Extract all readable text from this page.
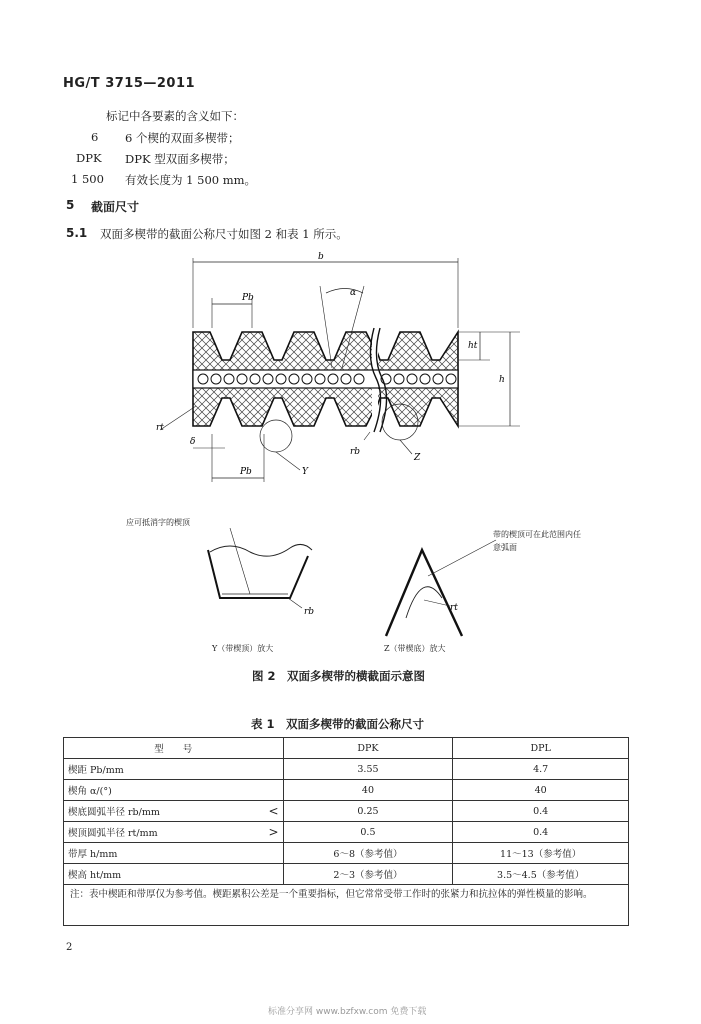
HG/T 3715—2011
标记中各要素的含义如下：
6 6 个楔的双面多楔带；
DPK DPK 型双面多楔带；
1 500 有效长度为 1 500 mm。
5 截面尺寸
5.1 双面多楔带的截面公称尺寸如图 2 和表 1 所示。
b
Pb	α
ht
h
rt
Y
rb
Z
δ
Pb
应可抵消字的楔顶
rb
Y（带楔顶）放大
带的楔顶可在此范围内任意弧面
rt
Z（带楔底）放大
图 2　双面多楔带的横截面示意图
表 1　双面多楔带的截面公称尺寸
型　　号	DPK	DPL
楔距 Pb/mm	3.55	4.7
楔角 α/(°)	40	40
楔底圆弧半径 rb/mm <	0.25	0.4
楔顶圆弧半径 rt/mm >	0.5	0.4
带厚 h/mm	6～8（参考值）	11～13（参考值）
楔高 ht/mm	2～3（参考值）	3.5～4.5（参考值）
注：表中楔距和带厚仅为参考值。楔距累积公差是一个重要指标，但它常常受带工作时的张紧力和抗拉体的弹性模量的影响。		
2
标准分享网 www.bzfxw.com 免费下载
